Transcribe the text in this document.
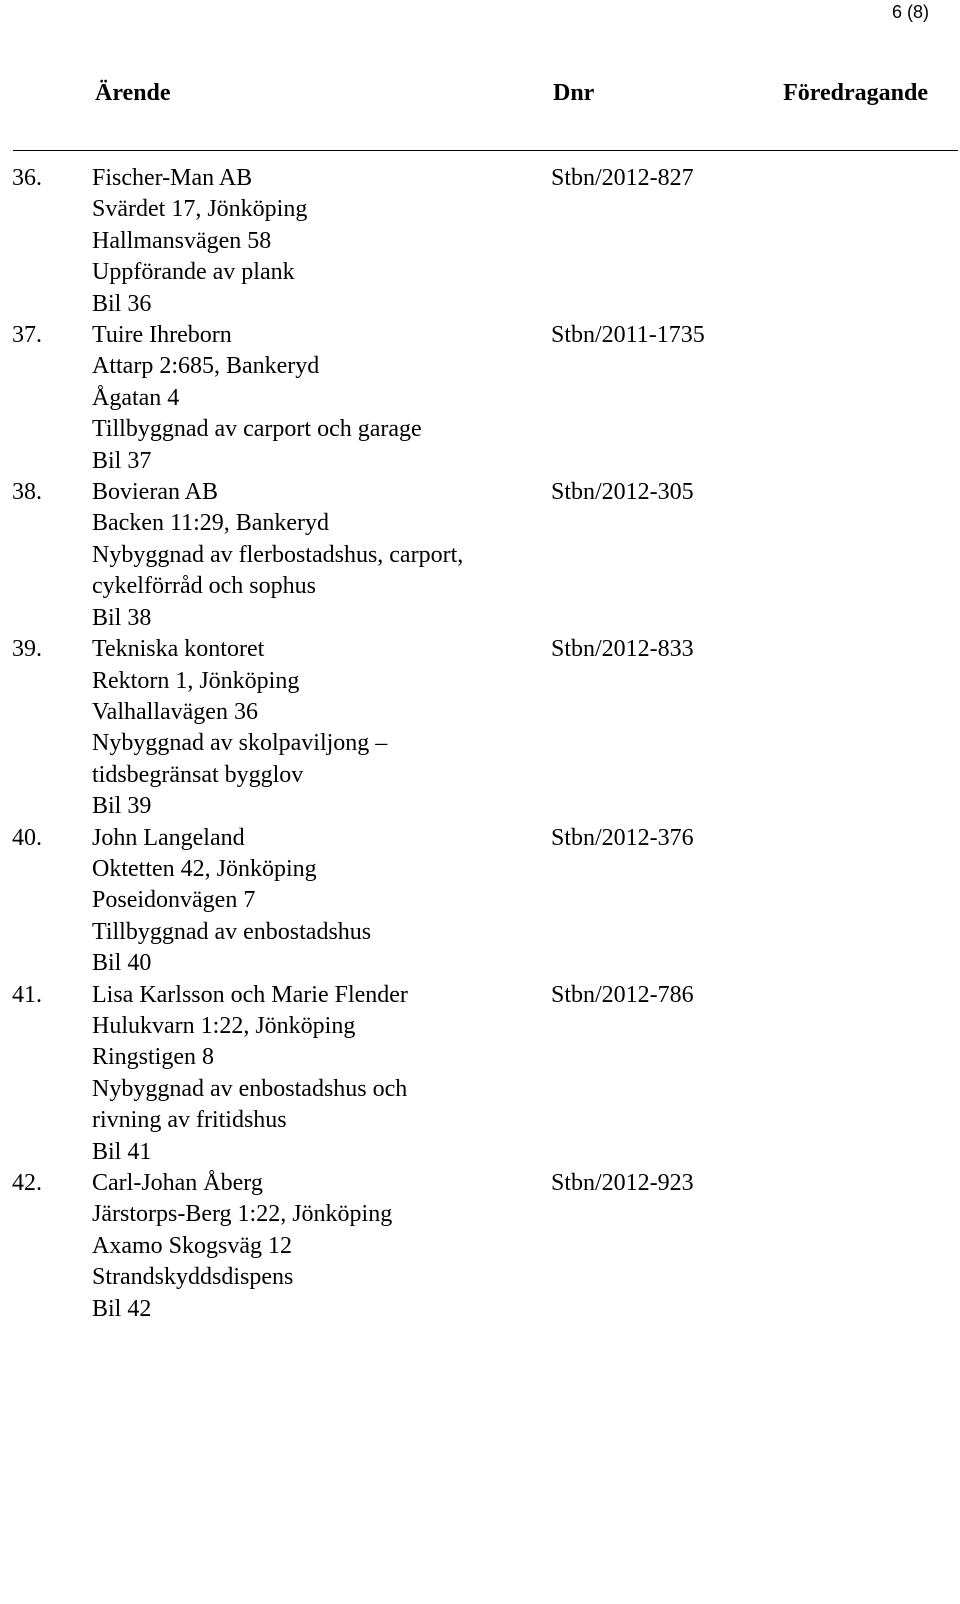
6 (8)
Ärende	Dnr	Föredragande
36. Fischer-Man AB
Svärdet 17, Jönköping
Hallmansvägen 58
Uppförande av plank
Bil 36
Stbn/2012-827
37. Tuire Ihreborn
Attarp 2:685, Bankeryd
Ågatan 4
Tillbyggnad av carport och garage
Bil 37
Stbn/2011-1735
38. Bovieran AB
Backen 11:29, Bankeryd
Nybyggnad av flerbostadshus, carport,
cykelförråd och sophus
Bil 38
Stbn/2012-305
39. Tekniska kontoret
Rektorn 1, Jönköping
Valhallavägen 36
Nybyggnad av skolpaviljong –
tidsbegränsat bygglov
Bil 39
Stbn/2012-833
40. John Langeland
Oktetten 42, Jönköping
Poseidonvägen 7
Tillbyggnad av enbostadshus
Bil 40
Stbn/2012-376
41. Lisa Karlsson och Marie Flender
Hulukvarn 1:22, Jönköping
Ringstigen 8
Nybyggnad av enbostadshus och
rivning av fritidshus
Bil 41
Stbn/2012-786
42. Carl-Johan Åberg
Järstorps-Berg 1:22, Jönköping
Axamo Skogsväg 12
Strandskyddsdispens
Bil 42
Stbn/2012-923
